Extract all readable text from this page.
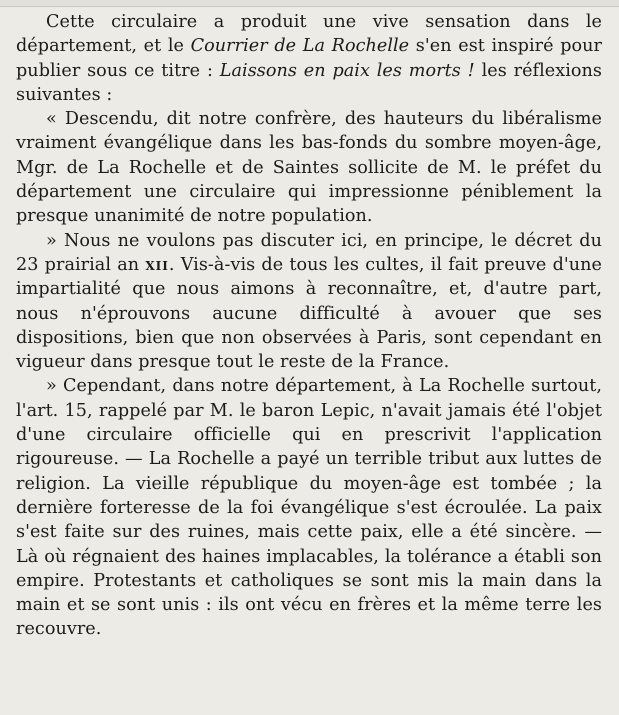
Cette circulaire a produit une vive sensation dans le département, et le Courrier de La Rochelle s'en est inspiré pour publier sous ce titre : Laissons en paix les morts ! les réflexions suivantes :

« Descendu, dit notre confrère, des hauteurs du libéralisme vraiment évangélique dans les bas-fonds du sombre moyen-âge, Mgr. de La Rochelle et de Saintes sollicite de M. le préfet du département une circulaire qui impressionne péniblement la presque unanimité de notre population.

» Nous ne voulons pas discuter ici, en principe, le décret du 23 prairial an xii. Vis-à-vis de tous les cultes, il fait preuve d'une impartialité que nous aimons à reconnaître, et, d'autre part, nous n'éprouvons aucune difficulté à avouer que ses dispositions, bien que non observées à Paris, sont cependant en vigueur dans presque tout le reste de la France.

» Cependant, dans notre département, à La Rochelle surtout, l'art. 15, rappelé par M. le baron Lepic, n'avait jamais été l'objet d'une circulaire officielle qui en prescrivit l'application rigoureuse. — La Rochelle a payé un terrible tribut aux luttes de religion. La vieille république du moyen-âge est tombée ; la dernière forteresse de la foi évangélique s'est écroulée. La paix s'est faite sur des ruines, mais cette paix, elle a été sincère. — Là où régnaient des haines implacables, la tolérance a établi son empire. Protestants et catholiques se sont mis la main dans la main et se sont unis : ils ont vécu en frères et la même terre les recouvre.
